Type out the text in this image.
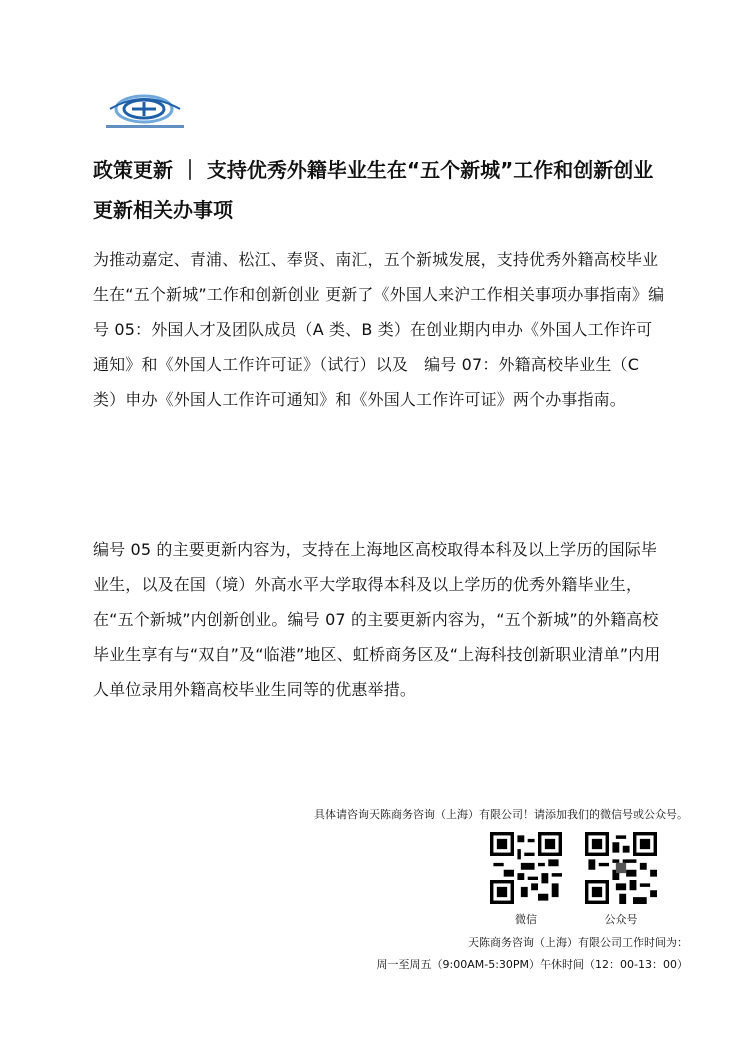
政策更新 ｜ 支持优秀外籍毕业生在“五个新城”工作和创新创业更新相关办事项

为推动嘉定、青浦、松江、奉贤、南汇，五个新城发展，支持优秀外籍高校毕业生在“五个新城”工作和创新创业 更新了《外国人来沪工作相关事项办事指南》编号 05：外国人才及团队成员（A 类、B 类）在创业期内申办《外国人工作许可通知》和《外国人工作许可证》（试行）以及　编号 07：外籍高校毕业生（C 类）申办《外国人工作许可通知》和《外国人工作许可证》两个办事指南。

编号 05 的主要更新内容为，支持在上海地区高校取得本科及以上学历的国际毕业生，以及在国（境）外高水平大学取得本科及以上学历的优秀外籍毕业生，在“五个新城”内创新创业。编号 07 的主要更新内容为，“五个新城”的外籍高校毕业生享有与“双自”及“临港”地区、虹桥商务区及“上海科技创新职业清单”内用人单位录用外籍高校毕业生同等的优惠举措。

具体请咨询天陈商务咨询（上海）有限公司！请添加我们的微信号或公众号。
微信	公众号
天陈商务咨询（上海）有限公司工作时间为：
周一至周五（9:00AM-5:30PM）午休时间（12：00-13：00）
